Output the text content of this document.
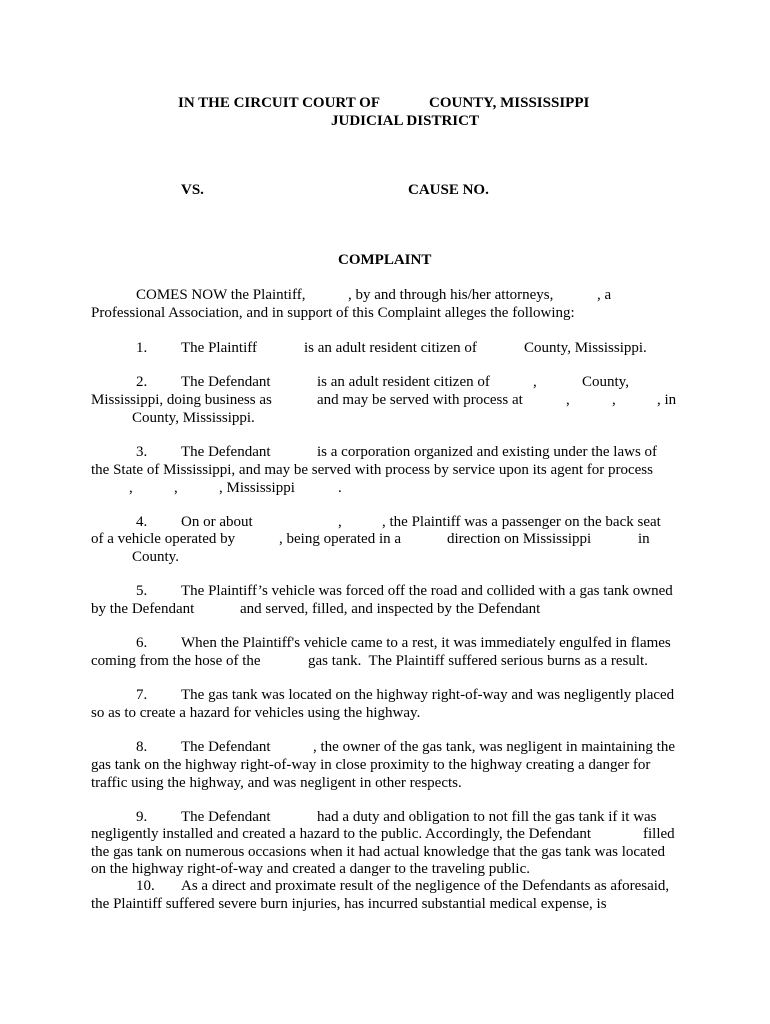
IN THE CIRCUIT COURT OF	COUNTY, MISSISSIPPI
JUDICIAL DISTRICT
VS.	CAUSE NO.
COMPLAINT
COMES NOW the Plaintiff,	, by and through his/her attorneys,	, a
Professional Association, and in support of this Complaint alleges the following:
1. The Plaintiff	is an adult resident citizen of	County, Mississippi.
2. The Defendant	is an adult resident citizen of	,	County,
Mississippi, doing business as	and may be served with process at	,	,	, in
County, Mississippi.
3. The Defendant	is a corporation organized and existing under the laws of
the State of Mississippi, and may be served with process by service upon its agent for process
,	,	, Mississippi	.
4. On or about	,	, the Plaintiff was a passenger on the back seat
of a vehicle operated by	, being operated in a	direction on Mississippi	in
County.
5. The Plaintiff’s vehicle was forced off the road and collided with a gas tank owned
by the Defendant	and served, filled, and inspected by the Defendant
6. When the Plaintiff's vehicle came to a rest, it was immediately engulfed in flames
coming from the hose of the	gas tank.  The Plaintiff suffered serious burns as a result.
7. The gas tank was located on the highway right-of-way and was negligently placed
so as to create a hazard for vehicles using the highway.
8. The Defendant	, the owner of the gas tank, was negligent in maintaining the
gas tank on the highway right-of-way in close proximity to the highway creating a danger for
traffic using the highway, and was negligent in other respects.
9. The Defendant	had a duty and obligation to not fill the gas tank if it was
negligently installed and created a hazard to the public. Accordingly, the Defendant	filled
the gas tank on numerous occasions when it had actual knowledge that the gas tank was located
on the highway right-of-way and created a danger to the traveling public.
10. As a direct and proximate result of the negligence of the Defendants as aforesaid,
the Plaintiff suffered severe burn injuries, has incurred substantial medical expense, is
